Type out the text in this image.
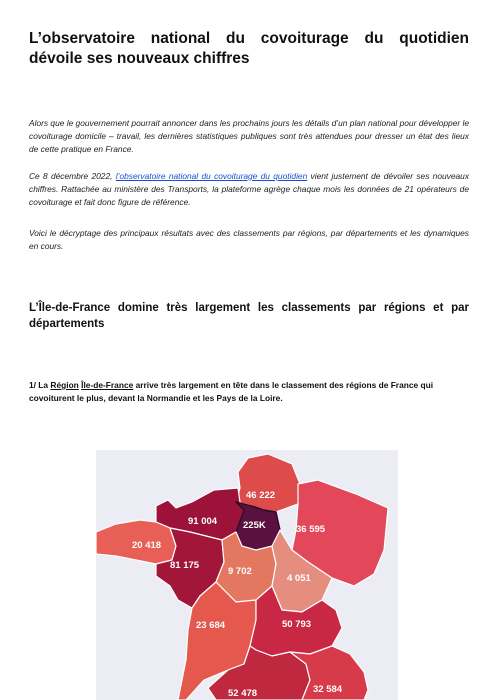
L’observatoire national du covoiturage du quotidien dévoile ses nouveaux chiffres
Alors que le gouvernement pourrait annoncer dans les prochains jours les détails d’un plan national pour développer le covoiturage domicile – travail, les dernières statistiques publiques sont très attendues pour dresser un état des lieux de cette pratique en France.
Ce 8 décembre 2022, l’observatoire national du covoiturage du quotidien vient justement de dévoiler ses nouveaux chiffres. Rattachée au ministère des Transports, la plateforme agrège chaque mois les données de 21 opérateurs de covoiturage et fait donc figure de référence.
Voici le décryptage des principaux résultats avec des classements par régions, par départements et les dynamiques en cours.
L’Île-de-France domine très largement les classements par régions et par départements
1/ La Région Île-de-France arrive très largement en tête dans le classement des régions de France qui covoiturent le plus, devant la Normandie et les Pays de la Loire.
46 222
91 004	225K	36 595
20 418
81 175
9 702
4 051
23 684	50 793
52 478	32 584
